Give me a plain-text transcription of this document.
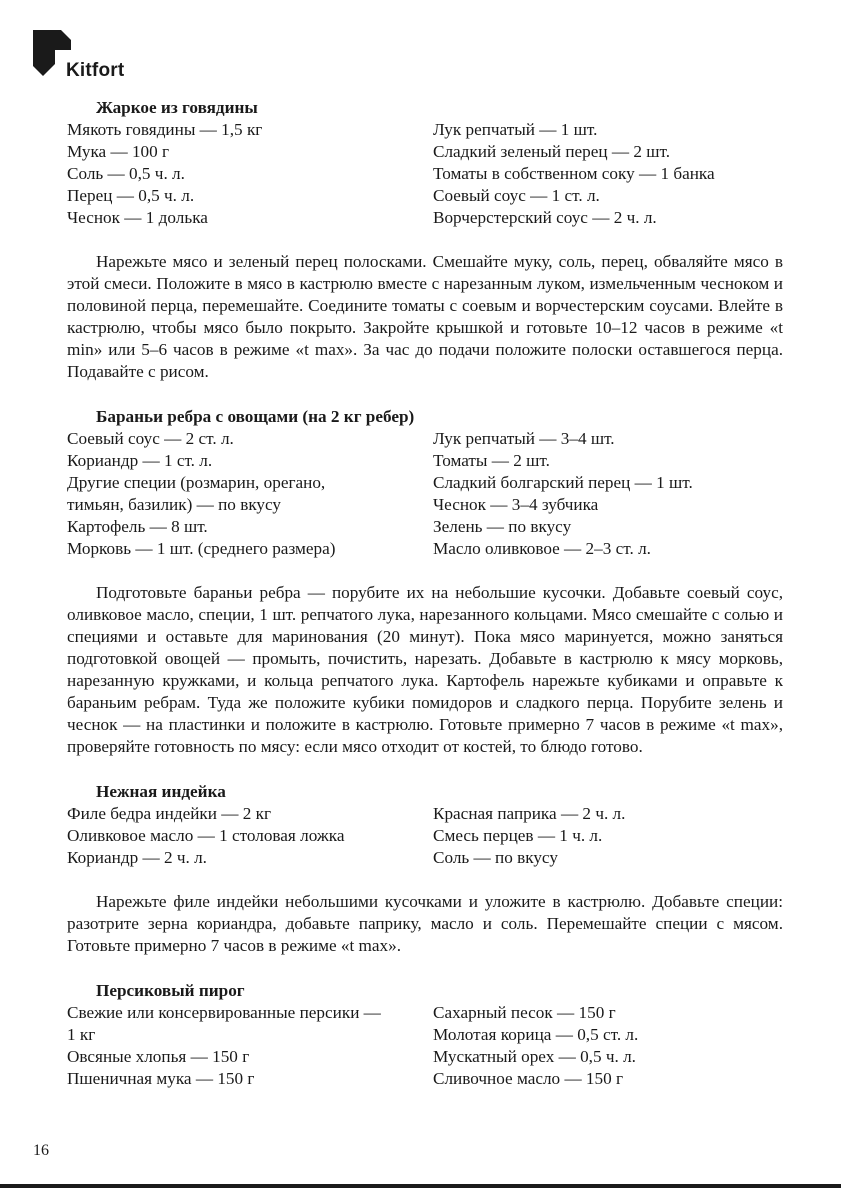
Kitfort

Жаркое из говядины

Мякоть говядины — 1,5 кг
Мука — 100 г
Соль — 0,5 ч. л.
Перец — 0,5 ч. л.
Чеснок — 1 долька
Лук репчатый — 1 шт.
Сладкий зеленый перец — 2 шт.
Томаты в собственном соку — 1 банка
Соевый соус — 1 ст. л.
Ворчерстерский соус — 2 ч. л.

Нарежьте мясо и зеленый перец полосками. Смешайте муку, соль, перец, обваляйте мясо в этой смеси. Положите в мясо в кастрюлю вместе с нарезанным луком, измельченным чесноком и половиной перца, перемешайте. Соедините томаты с соевым и ворчестерским соусами. Влейте в кастрюлю, чтобы мясо было покрыто. Закройте крышкой и готовьте 10–12 часов в режиме «t min» или 5–6 часов в режиме «t max». За час до подачи положите полоски оставшегося перца. Подавайте с рисом.

Бараньи ребра с овощами (на 2 кг ребер)

Соевый соус — 2 ст. л.
Кориандр — 1 ст. л.
Другие специи (розмарин, орегано,
тимьян, базилик) — по вкусу
Картофель — 8 шт.
Морковь — 1 шт. (среднего размера)
Лук репчатый — 3–4 шт.
Томаты — 2 шт.
Сладкий болгарский перец — 1 шт.
Чеснок — 3–4 зубчика
Зелень — по вкусу
Масло оливковое — 2–3 ст. л.

Подготовьте бараньи ребра — порубите их на небольшие кусочки. Добавьте соевый соус, оливковое масло, специи, 1 шт. репчатого лука, нарезанного кольцами. Мясо смешайте с солью и специями и оставьте для маринования (20 минут). Пока мясо маринуется, можно заняться подготовкой овощей — промыть, почистить, нарезать. Добавьте в кастрюлю к мясу морковь, нарезанную кружками, и кольца репчатого лука. Картофель нарежьте кубиками и оправьте к бараньим ребрам. Туда же положите кубики помидоров и сладкого перца. Порубите зелень и чеснок — на пластинки и положите в кастрюлю. Готовьте примерно 7 часов в режиме «t max», проверяйте готовность по мясу: если мясо отходит от костей, то блюдо готово.

Нежная индейка

Филе бедра индейки — 2 кг
Оливковое масло — 1 столовая ложка
Кориандр — 2 ч. л.
Красная паприка — 2 ч. л.
Смесь перцев — 1 ч. л.
Соль — по вкусу

Нарежьте филе индейки небольшими кусочками и уложите в кастрюлю. Добавьте специи: разотрите зерна кориандра, добавьте паприку, масло и соль. Перемешайте специи с мясом. Готовьте примерно 7 часов в режиме «t max».

Персиковый пирог

Свежие или консервированные персики —
1 кг
Овсяные хлопья — 150 г
Пшеничная мука — 150 г
Сахарный песок — 150 г
Молотая корица — 0,5 ст. л.
Мускатный орех — 0,5 ч. л.
Сливочное масло — 150 г
16
